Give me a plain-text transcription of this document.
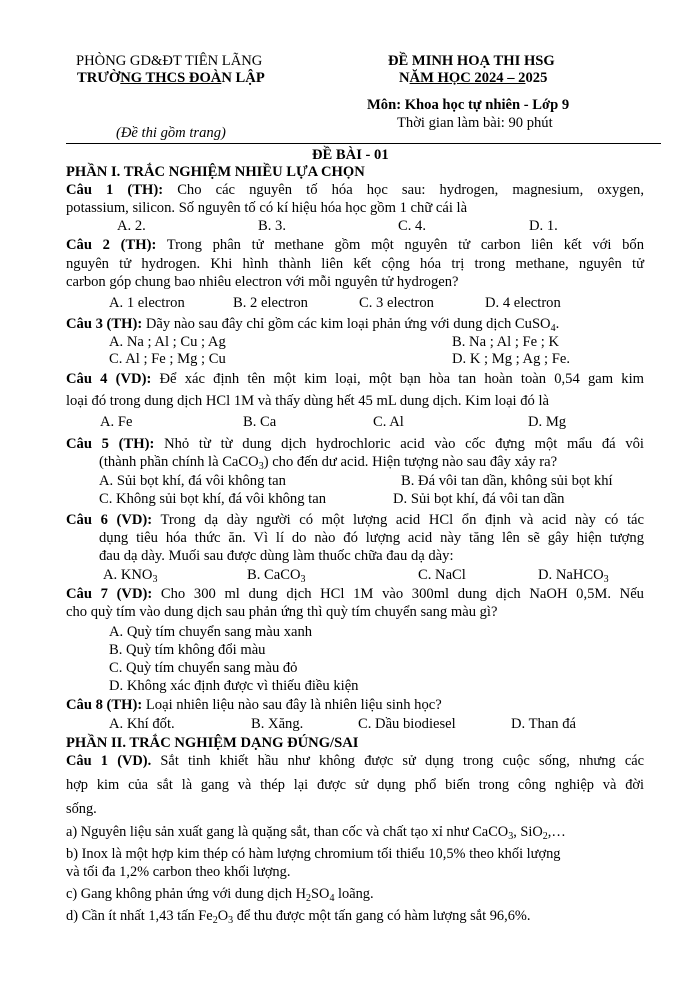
PHÒNG GD&ĐT TIÊN LÃNG
TRƯỜNG THCS ĐOÀN LẬP
ĐỀ MINH HOẠ THI HSG
NĂM HỌC 2024 – 2025
Môn: Khoa học tự nhiên - Lớp 9
Thời gian làm bài: 90 phút
(Đề thi gồm trang)
ĐỀ BÀI - 01
PHẦN I. TRẮC NGHIỆM NHIỀU LỰA CHỌN
Câu 1 (TH): Cho các nguyên tố hóa học sau: hydrogen, magnesium, oxygen,
potassium, silicon. Số nguyên tố có kí hiệu hóa học gồm 1 chữ cái là
A. 2.	B. 3.	C. 4.	D. 1.
Câu 2 (TH): Trong phân tử methane gồm một nguyên tử carbon liên kết với bốn
nguyên tử hydrogen. Khi hình thành liên kết cộng hóa trị trong methane, nguyên tử
carbon góp chung bao nhiêu electron với mỗi nguyên tử hydrogen?
A. 1 electron	B. 2 electron	C. 3 electron	D. 4 electron
Câu 3 (TH): Dãy nào sau đây chỉ gồm các kim loại phản ứng với dung dịch CuSO$_4$.
A. Na ; Al ; Cu ; Ag	B. Na ; Al ; Fe ; K
C. Al ; Fe ; Mg ; Cu	D. K ; Mg ; Ag ; Fe.
Câu 4 (VD): Để xác định tên một kim loại, một bạn hòa tan hoàn toàn 0,54 gam kim
loại đó trong dung dịch HCl 1M và thấy dùng hết 45 mL dung dịch. Kim loại đó là
A. Fe	B. Ca	C. Al	D. Mg
Câu 5 (TH): Nhỏ từ từ dung dịch hydrochloric acid vào cốc đựng một mẩu đá vôi
(thành phần chính là CaCO$_3$) cho đến dư acid. Hiện tượng nào sau đây xảy ra?
A. Sủi bọt khí, đá vôi không tan	B. Đá vôi tan dần, không sủi bọt khí
C. Không sủi bọt khí, đá vôi không tan	D. Sủi bọt khí, đá vôi tan dần
Câu 6 (VD): Trong dạ dày người có một lượng acid HCl ổn định và acid này có tác
dụng tiêu hóa thức ăn. Vì lí do nào đó lượng acid này tăng lên sẽ gây hiện tượng
đau dạ dày. Muối sau được dùng làm thuốc chữa đau dạ dày:
A. $KNO_3$	B. CaCO$_3$	C. NaCl	D. NaHCO$_3$
Câu 7 (VD): Cho 300 ml dung dịch HCl 1M vào 300ml dung dịch NaOH 0,5M. Nếu
cho quỳ tím vào dung dịch sau phản ứng thì quỳ tím chuyển sang màu gì?
A. Quỳ tím chuyển sang màu xanh
B. Quỳ tím không đổi màu
C. Quỳ tím chuyển sang màu đỏ
D. Không xác định được vì thiếu điều kiện
Câu 8 (TH): Loại nhiên liệu nào sau đây là nhiên liệu sinh học?
A. Khí đốt.	B. Xăng.	C. Dầu biodiesel	D. Than đá
PHẦN II. TRẮC NGHIỆM DẠNG ĐÚNG/SAI
Câu 1 (VD). Sắt tinh khiết hầu như không được sử dụng trong cuộc sống, nhưng các
hợp kim của sắt là gang và thép lại được sử dụng phổ biến trong công nghiệp và đời
sống.
a) Nguyên liệu sản xuất gang là quặng sắt, than cốc và chất tạo xỉ như CaCO$_3$, SiO$_2$,…
b) Inox là một hợp kim thép có hàm lượng chromium tối thiểu 10,5% theo khối lượng
và tối đa 1,2% carbon theo khối lượng.
c) Gang không phản ứng với dung dịch $H_2SO_4$ loãng.
d) Cần ít nhất 1,43 tấn $Fe_2O_3$ để thu được một tấn gang có hàm lượng sắt 96,6%.
